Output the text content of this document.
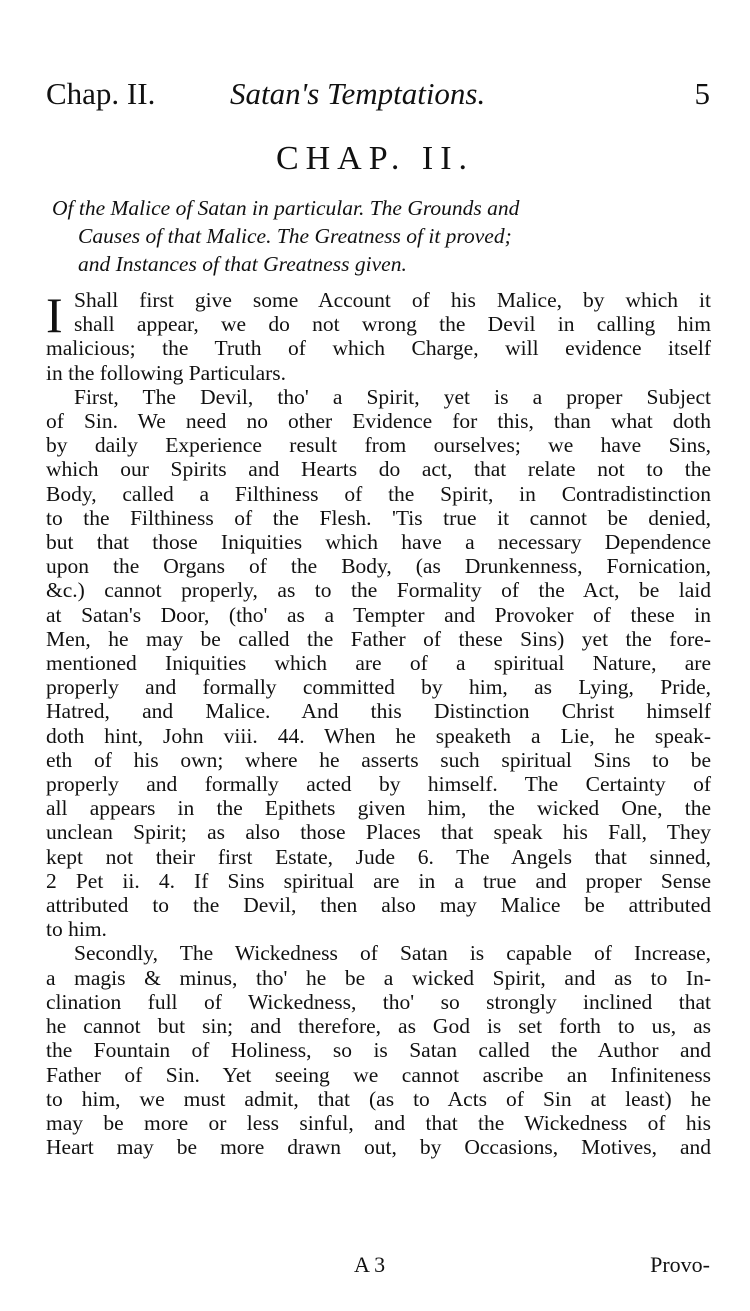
Chap. II. Satan's Temptations.	5
CHAP. II.
Of the Malice of Satan in particular. The Grounds and
Causes of that Malice. The Greatness of it proved;
and Instances of that Greatness given.
I Shall first give some Account of his Malice, by which it
shall appear, we do not wrong the Devil in calling him
malicious; the Truth of which Charge, will evidence itself
in the following Particulars.
First, The Devil, tho' a Spirit, yet is a proper Subject
of Sin. We need no other Evidence for this, than what doth
by daily Experience result from ourselves; we have Sins,
which our Spirits and Hearts do act, that relate not to the
Body, called a Filthiness of the Spirit, in Contradistinction
to the Filthiness of the Flesh. 'Tis true it cannot be denied,
but that those Iniquities which have a necessary Dependence
upon the Organs of the Body, (as Drunkenness, Fornication,
&c.) cannot properly, as to the Formality of the Act, be laid
at Satan's Door, (tho' as a Tempter and Provoker of these in
Men, he may be called the Father of these Sins) yet the fore-
mentioned Iniquities which are of a spiritual Nature, are
properly and formally committed by him, as Lying, Pride,
Hatred, and Malice. And this Distinction Christ himself
doth hint, John viii. 44. When he speaketh a Lie, he speak-
eth of his own; where he asserts such spiritual Sins to be
properly and formally acted by himself. The Certainty of
all appears in the Epithets given him, the wicked One, the
unclean Spirit; as also those Places that speak his Fall, They
kept not their first Estate, Jude 6. The Angels that sinned,
2 Pet ii. 4. If Sins spiritual are in a true and proper Sense
attributed to the Devil, then also may Malice be attributed
to him.
Secondly, The Wickedness of Satan is capable of Increase,
a magis & minus, tho' he be a wicked Spirit, and as to In-
clination full of Wickedness, tho' so strongly inclined that
he cannot but sin; and therefore, as God is set forth to us, as
the Fountain of Holiness, so is Satan called the Author and
Father of Sin. Yet seeing we cannot ascribe an Infiniteness
to him, we must admit, that (as to Acts of Sin at least) he
may be more or less sinful, and that the Wickedness of his
Heart may be more drawn out, by Occasions, Motives, and
A 3	Provo-
